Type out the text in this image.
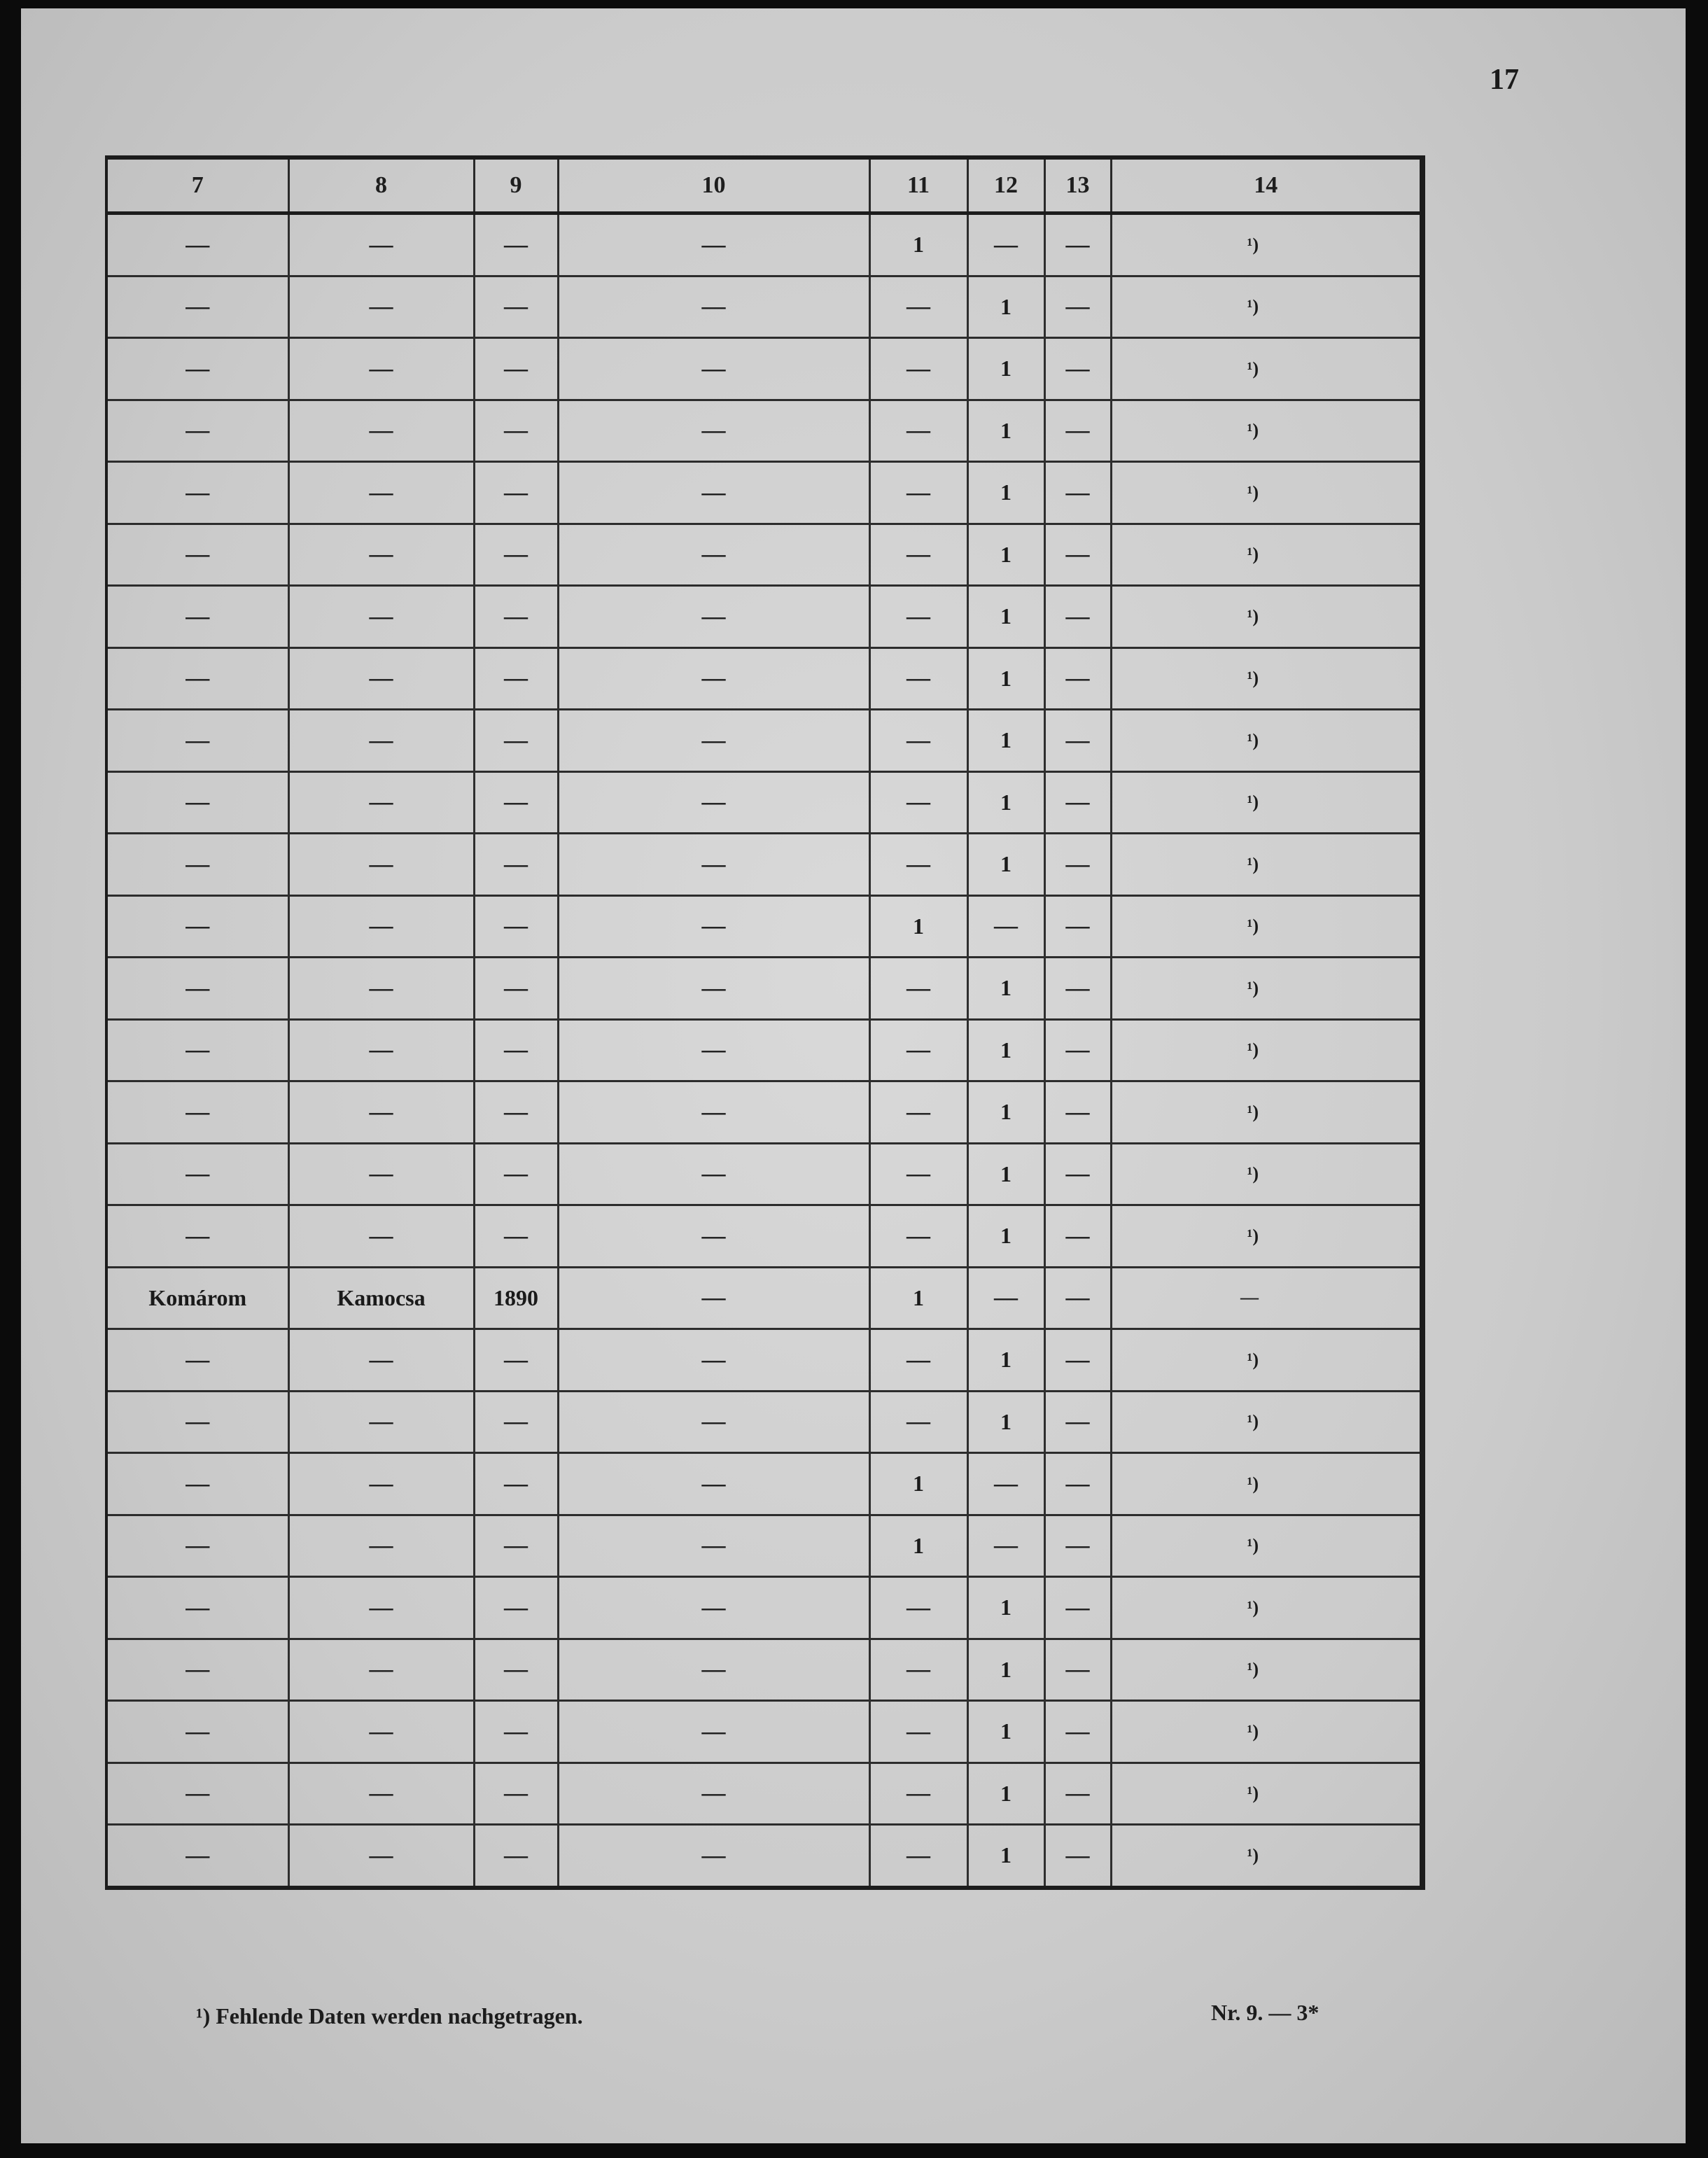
17
7	8	9	10	11	12	13	14
—	—	—	—	1	—	—	¹)
—	—	—	—	—	1	—	¹)
—	—	—	—	—	1	—	¹)
—	—	—	—	—	1	—	¹)
—	—	—	—	—	1	—	¹)
—	—	—	—	—	1	—	¹)
—	—	—	—	—	1	—	¹)
—	—	—	—	—	1	—	¹)
—	—	—	—	—	1	—	¹)
—	—	—	—	—	1	—	¹)
—	—	—	—	—	1	—	¹)
—	—	—	—	1	—	—	¹)
—	—	—	—	—	1	—	¹)
—	—	—	—	—	1	—	¹)
—	—	—	—	—	1	—	¹)
—	—	—	—	—	1	—	¹)
—	—	—	—	—	1	—	¹)
Komárom	Kamocsa	1890	—	1	—	—	—
—	—	—	—	—	1	—	¹)
—	—	—	—	—	1	—	¹)
—	—	—	—	1	—	—	¹)
—	—	—	—	1	—	—	¹)
—	—	—	—	—	1	—	¹)
—	—	—	—	—	1	—	¹)
—	—	—	—	—	1	—	¹)
—	—	—	—	—	1	—	¹)
—	—	—	—	—	1	—	¹)
¹) Fehlende Daten werden nachgetragen.	Nr. 9. — 3*
